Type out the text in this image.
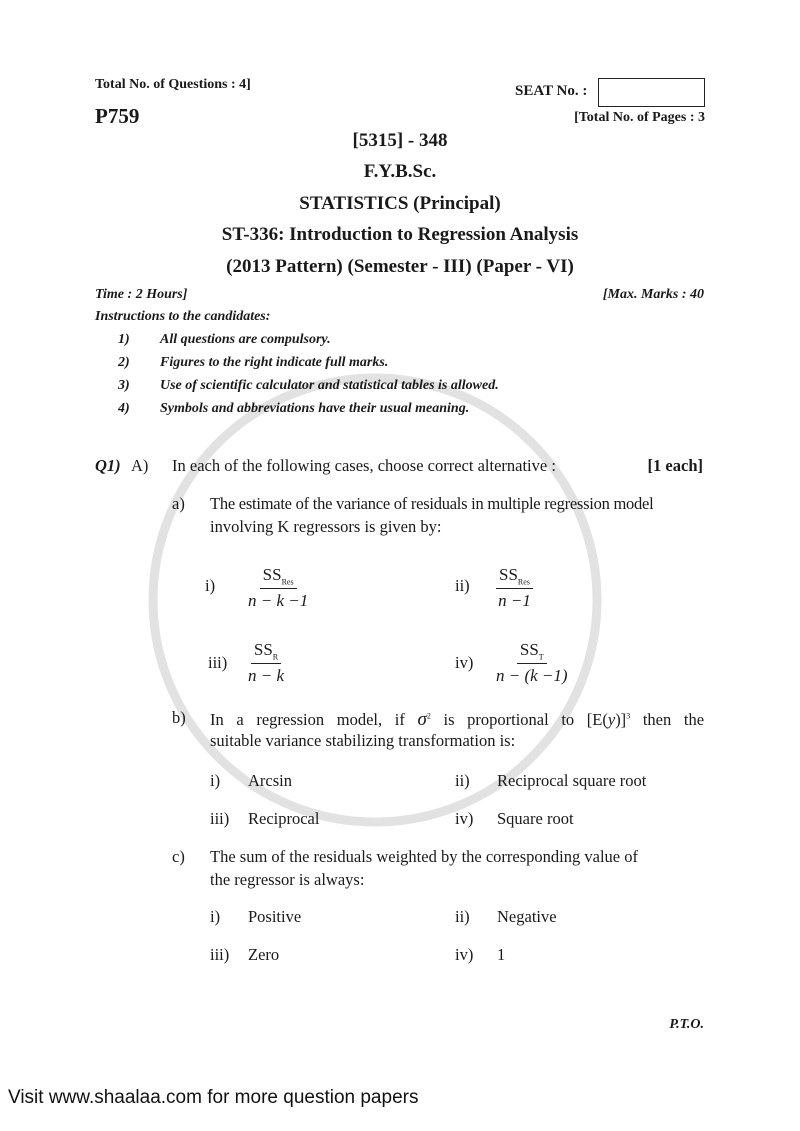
Total No. of Questions : 4]	SEAT No. :
P759	[Total No. of Pages : 3
[5315] - 348
F.Y.B.Sc.
STATISTICS (Principal)
ST-336: Introduction to Regression Analysis
(2013 Pattern) (Semester - III) (Paper - VI)
Time : 2 Hours]	[Max. Marks : 40
Instructions to the candidates:
1) All questions are compulsory.
2) Figures to the right indicate full marks.
3) Use of scientific calculator and statistical tables is allowed.
4) Symbols and abbreviations have their usual meaning.
Q1) A) In each of the following cases, choose correct alternative :	[1 each]
a) The estimate of the variance of residuals in multiple regression model
involving K regressors is given by:
i)
$SS_{Res}$
n − k −1
ii)
$SS_{Res}$
n −1
iii)
$SS_R$
n − k
iv)
$SS_T$
n − (k −1)
b) In a regression model, if $\sigma^2$ is proportional to $[E(y)]^3$ then the
suitable variance stabilizing transformation is:
i) Arcsin	ii) Reciprocal square root
iii) Reciprocal	iv) Square root
c) The sum of the residuals weighted by the corresponding value of
the regressor is always:
i) Positive	ii) Negative
iii) Zero	iv) 1
P.T.O.
Visit www.shaalaa.com for more question papers
